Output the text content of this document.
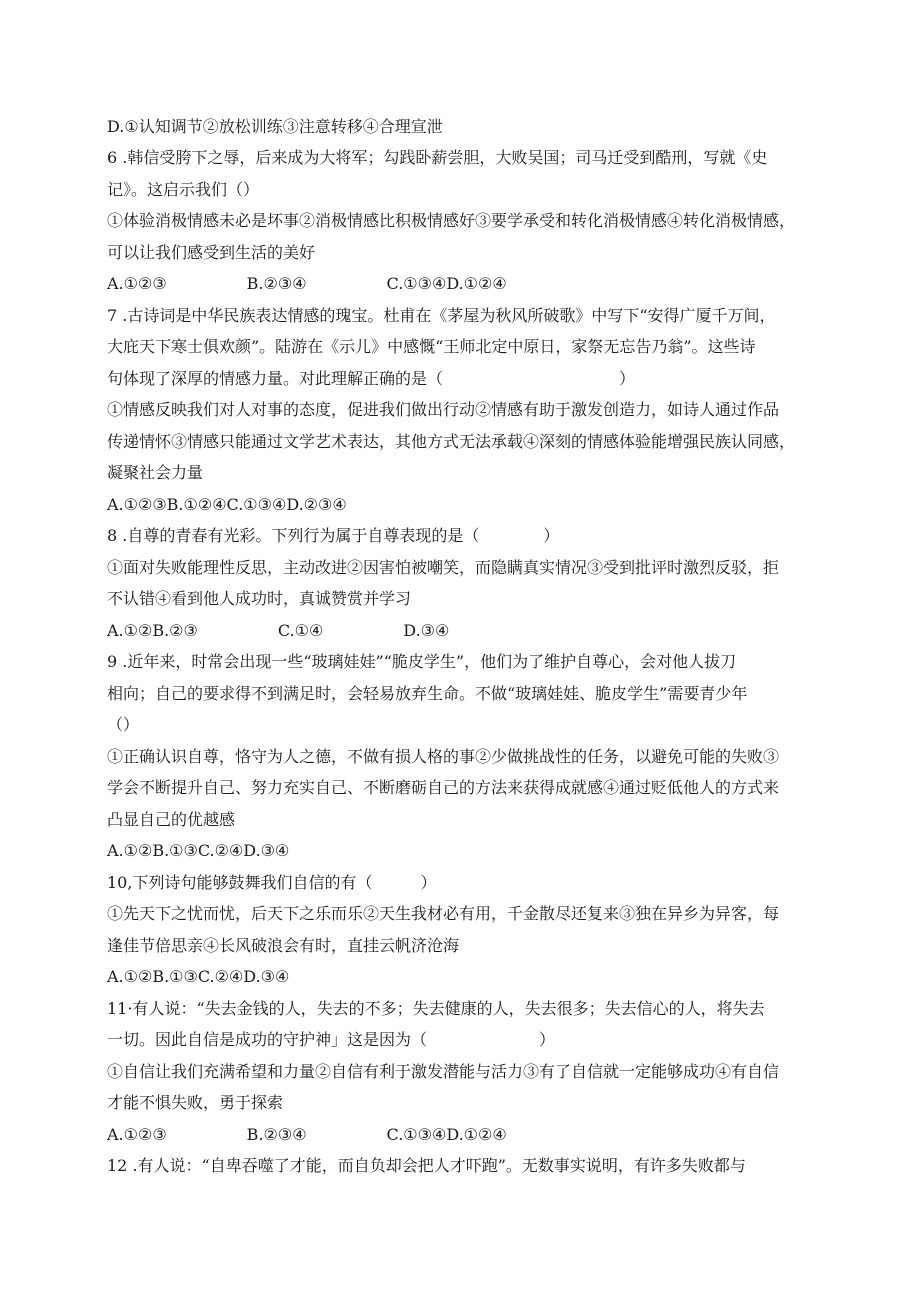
D.①认知调节②放松训练③注意转移④合理宣泄
6 .韩信受胯下之辱，后来成为大将军；勾践卧薪尝胆，大败吴国；司马迁受到酷刑，写就《史
记》。这启示我们（）
①体验消极情感未必是坏事②消极情感比积极情感好③要学承受和转化消极情感④转化消极情感，
可以让我们感受到生活的美好
A.①②③　　　　　B.②③④　　　　　C.①③④D.①②④
7 .古诗词是中华民族表达情感的瑰宝。杜甫在《茅屋为秋风所破歌》中写下“安得广厦千万间，
大庇天下寒士俱欢颜”。陆游在《示儿》中感慨“王师北定中原日，家祭无忘告乃翁”。这些诗
句体现了深厚的情感力量。对此理解正确的是（　　　　　　　　　　　）
①情感反映我们对人对事的态度，促进我们做出行动②情感有助于激发创造力，如诗人通过作品
传递情怀③情感只能通过文学艺术表达，其他方式无法承载④深刻的情感体验能增强民族认同感，
凝聚社会力量
A.①②③B.①②④C.①③④D.②③④
8 .自尊的青春有光彩。下列行为属于自尊表现的是（　　　　）
①面对失败能理性反思，主动改进②因害怕被嘲笑，而隐瞒真实情况③受到批评时激烈反驳，拒
不认错④看到他人成功时，真诚赞赏并学习
A.①②B.②③　　　　　C.①④　　　　　D.③④
9 .近年来，时常会出现一些“玻璃娃娃”“脆皮学生”，他们为了维护自尊心，会对他人拔刀
相向；自己的要求得不到满足时，会轻易放弃生命。不做“玻璃娃娃、脆皮学生”需要青少年
（）
①正确认识自尊，恪守为人之德，不做有损人格的事②少做挑战性的任务，以避免可能的失败③
学会不断提升自己、努力充实自己、不断磨砺自己的方法来获得成就感④通过贬低他人的方式来
凸显自己的优越感
A.①②B.①③C.②④D.③④
10,下列诗句能够鼓舞我们自信的有（　　　）
①先天下之忧而忧，后天下之乐而乐②天生我材必有用，千金散尽还复来③独在异乡为异客，每
逢佳节倍思亲④长风破浪会有时，直挂云帆济沧海
A.①②B.①③C.②④D.③④
11·有人说：“失去金钱的人，失去的不多；失去健康的人，失去很多；失去信心的人，将失去
一切。因此自信是成功的守护神」这是因为（　　　　　　　）
①自信让我们充满希望和力量②自信有利于激发潜能与活力③有了自信就一定能够成功④有自信
才能不惧失败，勇于探索
A.①②③　　　　　B.②③④　　　　　C.①③④D.①②④
12 .有人说：“自卑吞噬了才能，而自负却会把人才吓跑”。无数事实说明，有许多失败都与
